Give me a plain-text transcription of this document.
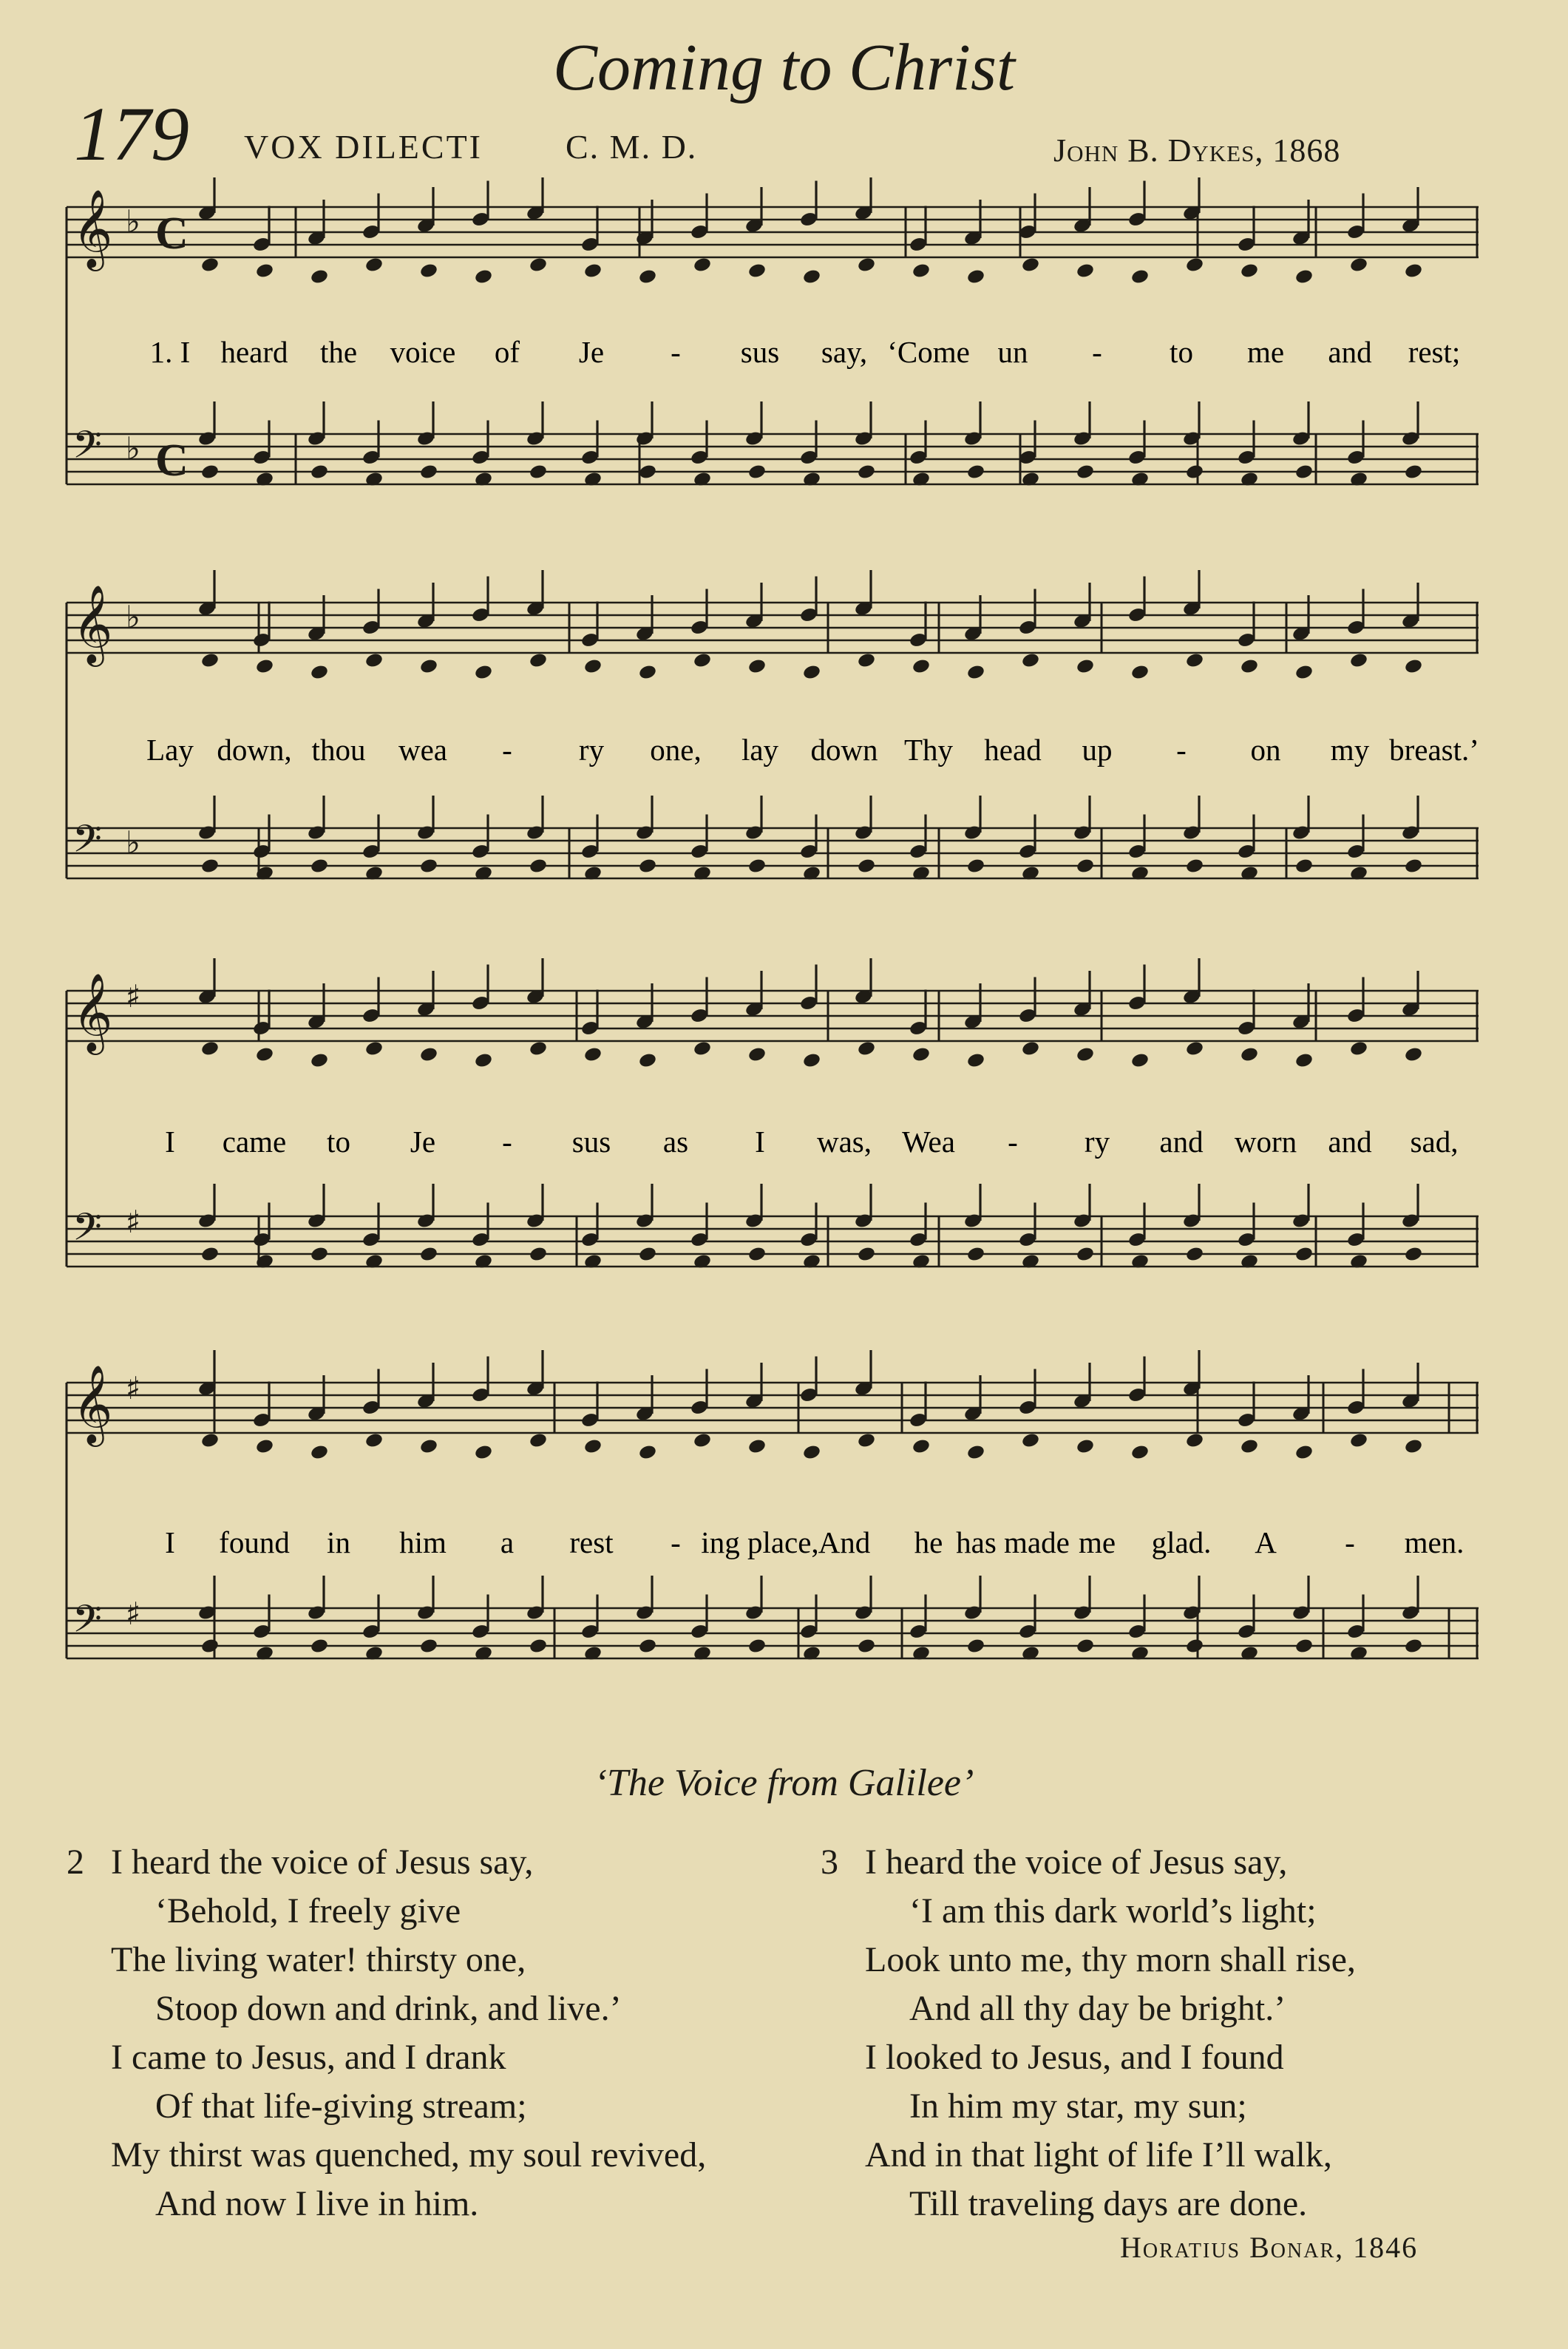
Coming to Christ
179 VOX DILECTI C. M. D.	John B. Dykes, 1868
𝄞 ♭ C
𝄢 ♭ C
1. I heard the voice of Je - sus say, ‘Come un - to me and rest;
𝄞 ♭
𝄢 ♭
Lay down, thou wea - ry one, lay down Thy head up - on my breast.’
𝄞 ♯
𝄢 ♯
I came to Je - sus as I was, Wea - ry and worn and sad,
𝄞 ♯
𝄢 ♯
I found in him a rest - ing place, And he has made me glad. A - men.
‘The Voice from Galilee’
2 I heard the voice of Jesus say,
‘Behold, I freely give
The living water! thirsty one,
Stoop down and drink, and live.’
I came to Jesus, and I drank
Of that life-giving stream;
My thirst was quenched, my soul revived,
And now I live in him.
3 I heard the voice of Jesus say,
‘I am this dark world’s light;
Look unto me, thy morn shall rise,
And all thy day be bright.’
I looked to Jesus, and I found
In him my star, my sun;
And in that light of life I’ll walk,
Till traveling days are done.
Horatius Bonar, 1846
